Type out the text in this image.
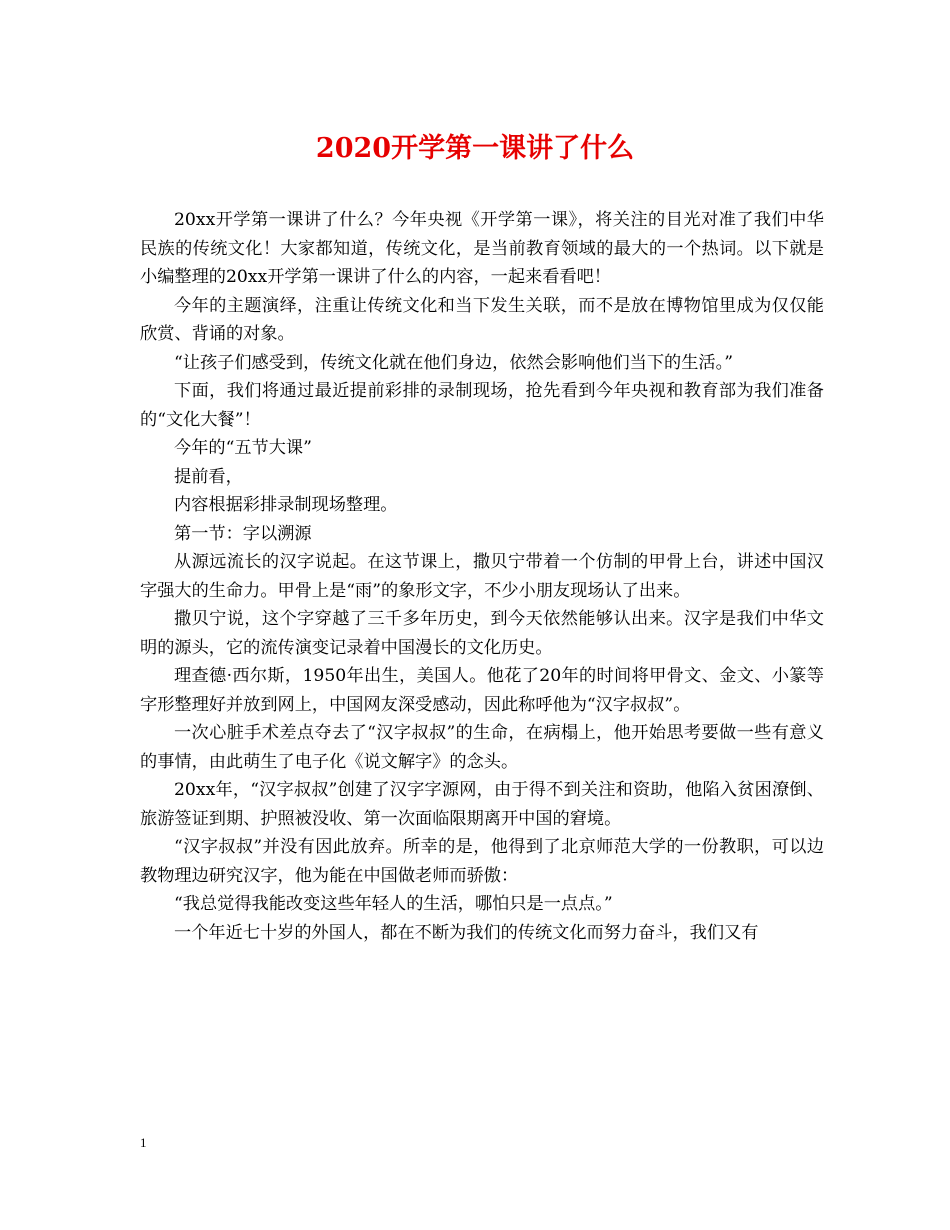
2020开学第一课讲了什么

20xx开学第一课讲了什么？今年央视《开学第一课》，将关注的目光对准了我们中华民族的传统文化！大家都知道，传统文化，是当前教育领域的最大的一个热词。以下就是小编整理的20xx开学第一课讲了什么的内容，一起来看看吧！

今年的主题演绎，注重让传统文化和当下发生关联，而不是放在博物馆里成为仅仅能欣赏、背诵的对象。

“让孩子们感受到，传统文化就在他们身边，依然会影响他们当下的生活。”

下面，我们将通过最近提前彩排的录制现场，抢先看到今年央视和教育部为我们准备的“文化大餐”！

今年的“五节大课”

提前看，

内容根据彩排录制现场整理。

第一节：字以溯源

从源远流长的汉字说起。在这节课上，撒贝宁带着一个仿制的甲骨上台，讲述中国汉字强大的生命力。甲骨上是“雨”的象形文字，不少小朋友现场认了出来。

撒贝宁说，这个字穿越了三千多年历史，到今天依然能够认出来。汉字是我们中华文明的源头，它的流传演变记录着中国漫长的文化历史。

理查德·西尔斯，1950年出生，美国人。他花了20年的时间将甲骨文、金文、小篆等字形整理好并放到网上，中国网友深受感动，因此称呼他为“汉字叔叔”。

一次心脏手术差点夺去了“汉字叔叔”的生命，在病榻上，他开始思考要做一些有意义的事情，由此萌生了电子化《说文解字》的念头。

20xx年，“汉字叔叔”创建了汉字字源网，由于得不到关注和资助，他陷入贫困潦倒、旅游签证到期、护照被没收、第一次面临限期离开中国的窘境。

“汉字叔叔”并没有因此放弃。所幸的是，他得到了北京师范大学的一份教职，可以边教物理边研究汉字，他为能在中国做老师而骄傲：

“我总觉得我能改变这些年轻人的生活，哪怕只是一点点。”

一个年近七十岁的外国人，都在不断为我们的传统文化而努力奋斗，我们又有

1
